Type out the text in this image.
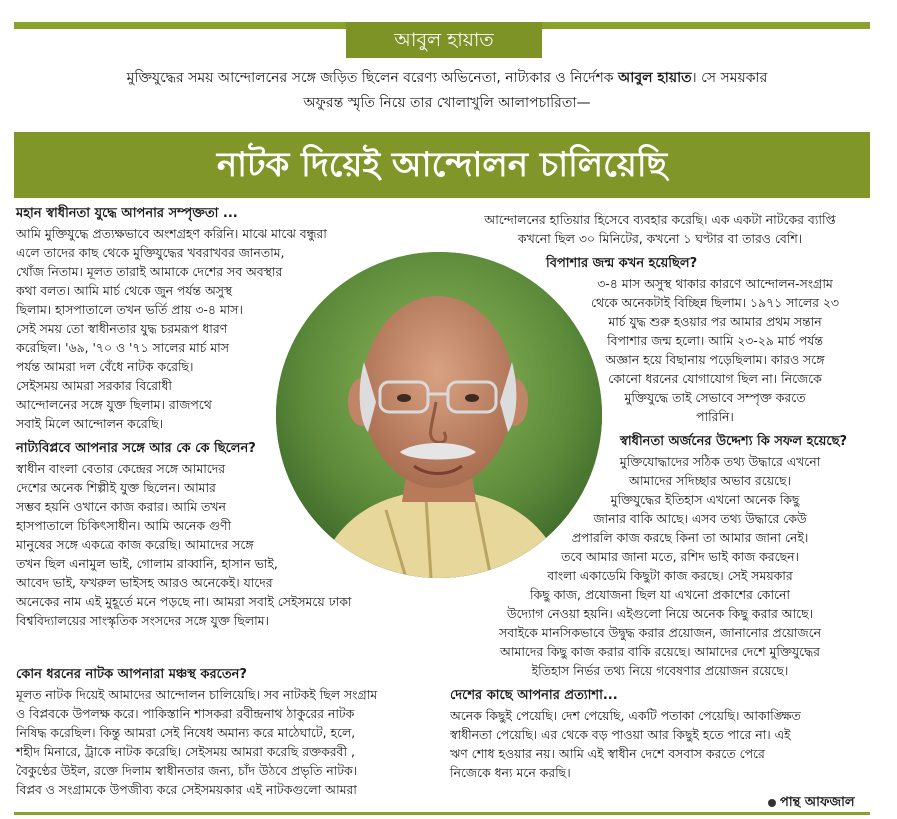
আবুল হায়াত
মুক্তিযুদ্ধের সময় আন্দোলনের সঙ্গে জড়িত ছিলেন বরেণ্য অভিনেতা, নাট্যকার ও নির্দেশক আবুল হায়াত। সে সময়কার
অফুরন্ত স্মৃতি নিয়ে তার খোলাখুলি আলাপচারিতা—
নাটক দিয়েই আন্দোলন চালিয়েছি
মহান স্বাধীনতা যুদ্ধে আপনার সম্পৃক্ততা ...
আমি মুক্তিযুদ্ধে প্রত্যক্ষভাবে অংশগ্রহণ করিনি। মাঝে মাঝে বন্ধুরা
এলে তাদের কাছ থেকে মুক্তিযুদ্ধের খবরাখবর জানতাম,
খোঁজ নিতাম। মূলত তারাই আমাকে দেশের সব অবস্থার
কথা বলত। আমি মার্চ থেকে জুন পর্যন্ত অসুস্থ
ছিলাম। হাসপাতালে তখন ভর্তি প্রায় ৩-৪ মাস।
সেই সময় তো স্বাধীনতার যুদ্ধ চরমরূপ ধারণ
করেছিল। '৬৯, '৭০ ও '৭১ সালের মার্চ মাস
পর্যন্ত আমরা দল বেঁধে নাটক করেছি।
সেইসময় আমরা সরকার বিরোধী
আন্দোলনের সঙ্গে যুক্ত ছিলাম। রাজপথে
সবাই মিলে আন্দোলন করেছি।
নাট্যবিপ্লবে আপনার সঙ্গে আর কে কে ছিলেন?
স্বাধীন বাংলা বেতার কেন্দ্রের সঙ্গে আমাদের
দেশের অনেক শিল্পীই যুক্ত ছিলেন। আমার
সম্ভব হয়নি ওখানে কাজ করার। আমি তখন
হাসপাতালে চিকিৎসাধীন। আমি অনেক গুণী
মানুষের সঙ্গে একত্রে কাজ করেছি। আমাদের সঙ্গে
তখন ছিল এনামুল ভাই, গোলাম রাব্বানি, হাসান ভাই,
আবেদ ভাই, ফখরুল ভাইসহ আরও অনেকেই। যাদের
অনেকের নাম এই মুহূর্তে মনে পড়ছে না। আমরা সবাই সেইসময়ে ঢাকা
বিশ্ববিদ্যালয়ের সাংস্কৃতিক সংসদের সঙ্গে যুক্ত ছিলাম।
কোন ধরনের নাটক আপনারা মঞ্চস্থ করতেন?
মূলত নাটক দিয়েই আমাদের আন্দোলন চালিয়েছি। সব নাটকই ছিল সংগ্রাম
ও বিপ্লবকে উপলক্ষ করে। পাকিস্তানি শাসকরা রবীন্দ্রনাথ ঠাকুরের নাটক
নিষিদ্ধ করেছিল। কিন্তু আমরা সেই নিষেধ অমান্য করে মাঠেঘাটে, হলে,
শহীদ মিনারে, ট্রাকে নাটক করেছি। সেইসময় আমরা করেছি রক্তকরবী ,
বৈকুণ্ঠের উইল, রক্তে দিলাম স্বাধীনতার জন্য, চাঁদ উঠবে প্রভৃতি নাটক।
বিপ্লব ও সংগ্রামকে উপজীব্য করে সেইসময়কার এই নাটকগুলো আমরা
আন্দোলনের হাতিয়ার হিসেবে ব্যবহার করেছি। এক একটা নাটকের ব্যাপ্তি
কখনো ছিল ৩০ মিনিটের, কখনো ১ ঘণ্টার বা তারও বেশি।
বিপাশার জন্ম কখন হয়েছিল?
৩-৪ মাস অসুস্থ থাকার কারণে আন্দোলন-সংগ্রাম
থেকে অনেকটাই বিচ্ছিন্ন ছিলাম। ১৯৭১ সালের ২৩
মার্চ যুদ্ধ শুরু হওয়ার পর আমার প্রথম সন্তান
বিপাশার জন্ম হলো। আমি ২৩-২৯ মার্চ পর্যন্ত
অজ্ঞান হয়ে বিছানায় পড়েছিলাম। কারও সঙ্গে
কোনো ধরনের যোগাযোগ ছিল না। নিজেকে
মুক্তিযুদ্ধে তাই সেভাবে সম্পৃক্ত করতে
পারিনি।
স্বাধীনতা অর্জনের উদ্দেশ্য কি সফল হয়েছে?
মুক্তিযোদ্ধাদের সঠিক তথ্য উদ্ধারে এখনো
আমাদের সদিচ্ছার অভাব রয়েছে।
মুক্তিযুদ্ধের ইতিহাস এখনো অনেক কিছু
জানার বাকি আছে। এসব তথ্য উদ্ধারে কেউ
প্রপারলি কাজ করছে কিনা তা আমার জানা নেই।
তবে আমার জানা মতে, রশিদ ভাই কাজ করছেন।
বাংলা একাডেমি কিছুটা কাজ করছে। সেই সময়কার
কিছু কাজ, প্রযোজনা ছিল যা এখনো প্রকাশের কোনো
উদ্যোগ নেওয়া হয়নি। এইগুলো নিয়ে অনেক কিছু করার আছে।
সবাইকে মানসিকভাবে উদ্বুদ্ধ করার প্রয়োজন, জানানোর প্রয়োজনে
আমাদের কিছু কাজ করার বাকি রয়েছে। আমাদের দেশে মুক্তিযুদ্ধের
ইতিহাস নির্ভর তথ্য নিয়ে গবেষণার প্রয়োজন রয়েছে।
দেশের কাছে আপনার প্রত্যাশা...
অনেক কিছুই পেয়েছি। দেশ পেয়েছি, একটি পতাকা পেয়েছি। আকাঙ্ক্ষিত
স্বাধীনতা পেয়েছি। এর থেকে বড় পাওয়া আর কিছুই হতে পারে না। এই
ঋণ শোধ হওয়ার নয়। আমি এই স্বাধীন দেশে বসবাস করতে পেরে
নিজেকে ধন্য মনে করছি।
পান্থ আফজাল
